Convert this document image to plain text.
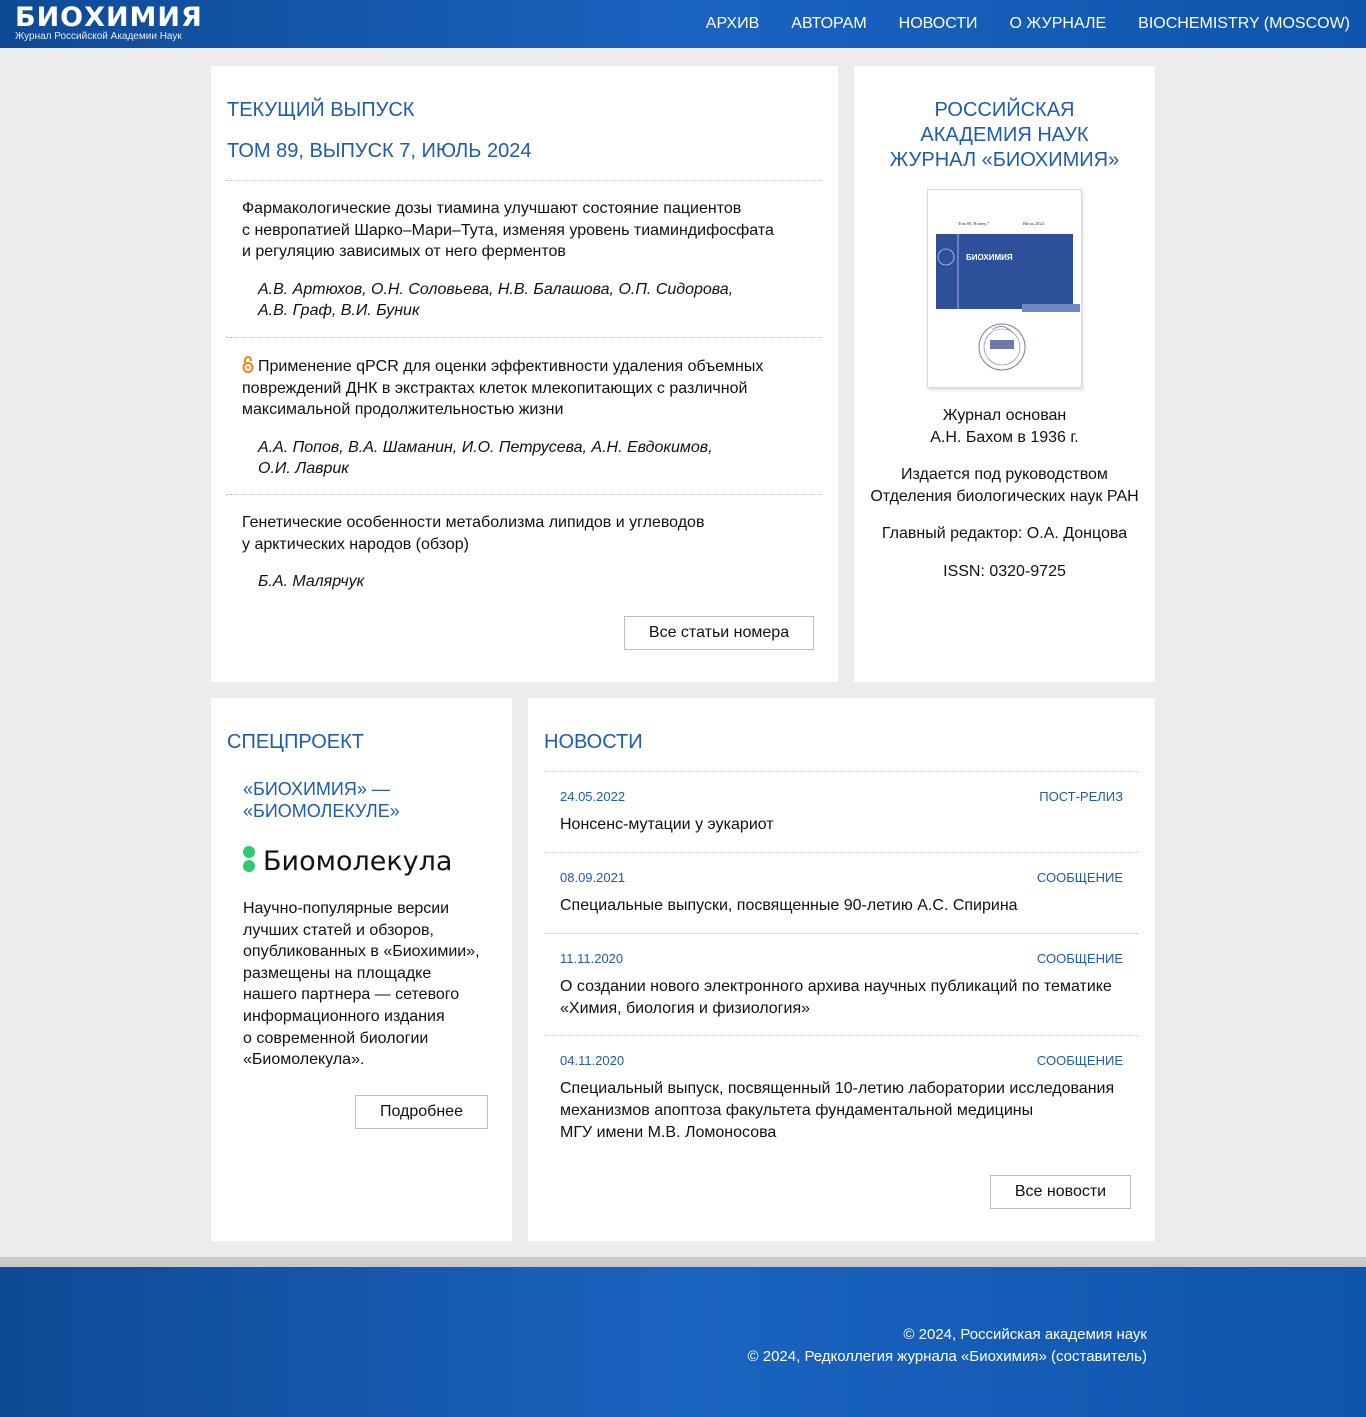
БИОХИМИЯ
Журнал Российской Академии Наук
АРХИВ АВТОРАМ НОВОСТИ О ЖУРНАЛЕ BIOCHEMISTRY (MOSCOW)
ТЕКУЩИЙ ВЫПУСК
ТОМ 89, ВЫПУСК 7, ИЮЛЬ 2024
Фармакологические дозы тиамина улучшают состояние пациентов
с невропатией Шарко–Мари–Тута, изменяя уровень тиаминдифосфата
и регуляцию зависимых от него ферментов
А.В. Артюхов, О.Н. Соловьева, Н.В. Балашова, О.П. Сидорова,
А.В. Граф, В.И. Буник
Применение qPCR для оценки эффективности удаления объемных
повреждений ДНК в экстрактах клеток млекопитающих с различной
максимальной продолжительностью жизни
А.А. Попов, В.А. Шаманин, И.О. Петрусева, А.Н. Евдокимов,
О.И. Лаврик
Генетические особенности метаболизма липидов и углеводов
у арктических народов (обзор)
Б.А. Малярчук
Все статьи номера
РОССИЙСКАЯ
АКАДЕМИЯ НАУК
ЖУРНАЛ «БИОХИМИЯ»
Том 89, Номер 7	Июль 2024
БИОХИМИЯ
Журнал основан
А.Н. Бахом в 1936 г.
Издается под руководством
Отделения биологических наук РАН
Главный редактор: О.А. Донцова
ISSN: 0320-9725
СПЕЦПРОЕКТ
«БИОХИМИЯ» —
«БИОМОЛЕКУЛЕ»
Биомолекула
Научно-популярные версии
лучших статей и обзоров,
опубликованных в «Биохимии»,
размещены на площадке
нашего партнера — сетевого
информационного издания
о современной биологии
«Биомолекула».
Подробнее
НОВОСТИ
24.05.2022	ПОСТ-РЕЛИЗ
Нонсенс-мутации у эукариот
08.09.2021	СООБЩЕНИЕ
Специальные выпуски, посвященные 90-летию А.С. Спирина
11.11.2020	СООБЩЕНИЕ
О создании нового электронного архива научных публикаций по тематике
«Химия, биология и физиология»
04.11.2020	СООБЩЕНИЕ
Специальный выпуск, посвященный 10-летию лаборатории исследования
механизмов апоптоза факультета фундаментальной медицины
МГУ имени М.В. Ломоносова
Все новости
© 2024, Российская академия наук
© 2024, Редколлегия журнала «Биохимия» (составитель)
